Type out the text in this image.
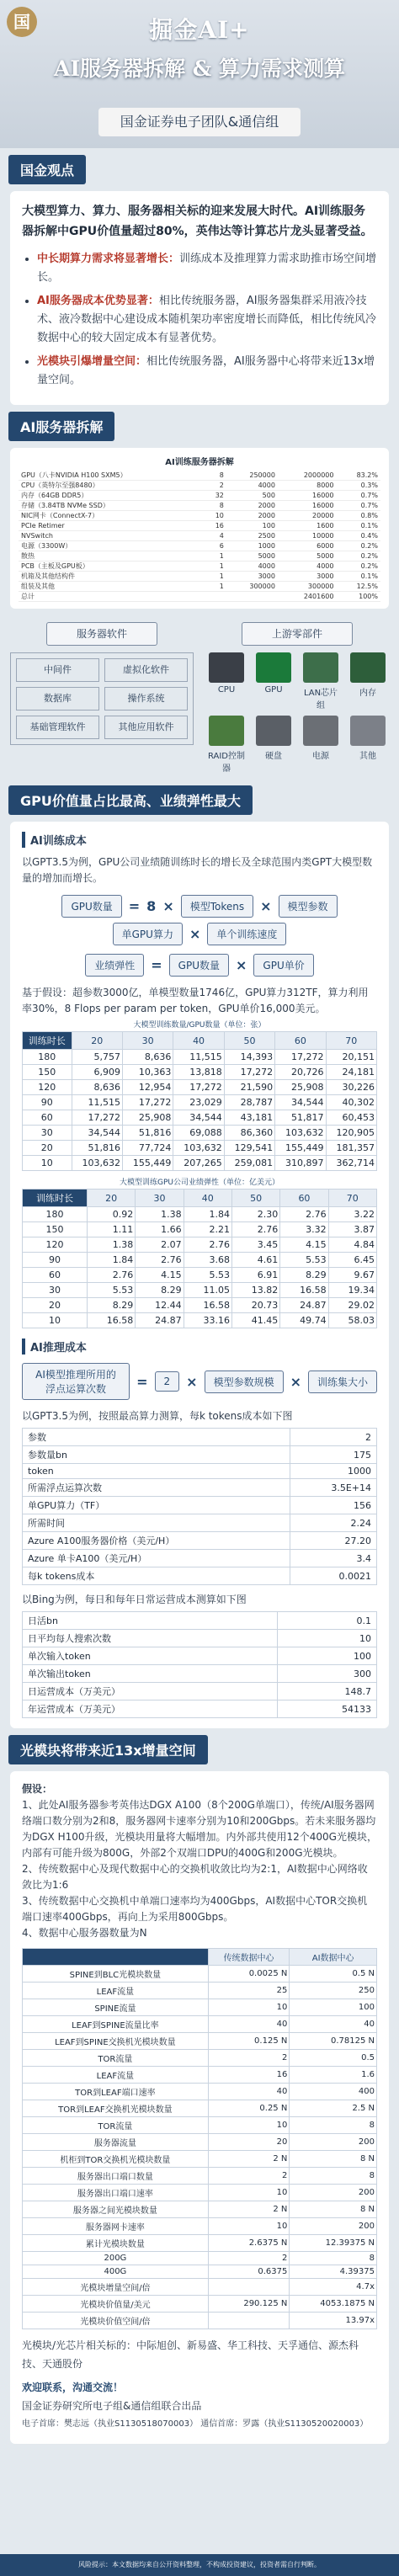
国	掘金AI+
AI服务器拆解 & 算力需求测算
国金证券电子团队&通信组
国金观点
大模型算力、算力、服务器相关标的迎来发展大时代。AI训练服务器拆解中GPU价值量超过80%，英伟达等计算芯片龙头显著受益。
• 中长期算力需求将显著增长：训练成本及推理算力需求助推市场空间增长。
• AI服务器成本优势显著：相比传统服务器，AI服务器集群采用液冷技术、液冷数据中心建设成本随机架功率密度增长而降低，相比传统风冷数据中心的较大固定成本有显著优势。
• 光模块引爆增量空间：相比传统服务器，AI服务器中心将带来近13x增量空间。
AI服务器拆解
AI训练服务器拆解
GPU（八卡NVIDIA H100 SXM5）	8	250000	2000000	83.2%
CPU（英特尔至强8480）	2	4000	8000	0.3%
内存（64GB DDR5）	32	500	16000	0.7%
存储（3.84TB NVMe SSD）	8	2000	16000	0.7%
NIC网卡（ConnectX-7）	10	2000	20000	0.8%
PCIe Retimer	16	100	1600	0.1%
NVSwitch	4	2500	10000	0.4%
电源（3300W）	6	1000	6000	0.2%
散热	1	5000	5000	0.2%
PCB（主板及GPU板）	1	4000	4000	0.2%
机箱及其他结构件	1	3000	3000	0.1%
组装及其他	1	300000	300000	12.5%
总计			2401600	100%
服务器软件
中间件	虚拟化软件
数据库	操作系统
基础管理软件	其他应用软件
上游零部件
CPU	GPU	LAN芯片组
内存
RAID控制器
硬盘	电源	其他
GPU价值量占比最高、业绩弹性最大
AI训练成本
以GPT3.5为例，GPU公司业绩随训练时长的增长及全球范围内类GPT大模型数量的增加而增长。
GPU数量	= 8 ×	模型Tokens	×	模型参数
单GPU算力	×	单个训练速度
业绩弹性	=	GPU数量	×	GPU单价
基于假设：超参数3000亿，单模型数量1746亿，GPU算力312TF，算力利用率30%，8 Flops per param per token，GPU单价16,000美元。
大模型训练数量/GPU数量（单位：张）
训练时长	20	30	40	50	60	70
180	5,757	8,636	11,515	14,393	17,272	20,151
150	6,909	10,363	13,818	17,272	20,726	24,181
120	8,636	12,954	17,272	21,590	25,908	30,226
90	11,515	17,272	23,029	28,787	34,544	40,302
60	17,272	25,908	34,544	43,181	51,817	60,453
30	34,544	51,816	69,088	86,360	103,632	120,905
20	51,816	77,724	103,632	129,541	155,449	181,357
10	103,632	155,449	207,265	259,081	310,897	362,714
大模型训练GPU公司业绩弹性（单位：亿美元）
训练时长	20	30	40	50	60	70
180	0.92	1.38	1.84	2.30	2.76	3.22
150	1.11	1.66	2.21	2.76	3.32	3.87
120	1.38	2.07	2.76	3.45	4.15	4.84
90	1.84	2.76	3.68	4.61	5.53	6.45
60	2.76	4.15	5.53	6.91	8.29	9.67
30	5.53	8.29	11.05	13.82	16.58	19.34
20	8.29	12.44	16.58	20.73	24.87	29.02
10	16.58	24.87	33.16	41.45	49.74	58.03
AI推理成本
AI模型推理所用的浮点运算次数	=	2	×	模型参数规模	×	训练集大小
以GPT3.5为例，按照最高算力测算，每k tokens成本如下图
参数	2
参数量bn	175
token	1000
所需浮点运算次数	3.5E+14
单GPU算力（TF）	156
所需时间	2.24
Azure A100服务器价格（美元/H）	27.20
Azure 单卡A100（美元/H）	3.4
每k tokens成本	0.0021
以Bing为例，每日和每年日常运营成本测算如下图
日活bn	0.1
日平均每人搜索次数	10
单次输入token	100
单次输出token	300
日运营成本（万美元）	148.7
年运营成本（万美元）	54133
光模块将带来近13x增量空间
假设：
1、此处AI服务器参考英伟达DGX A100（8个200G单端口），传统/AI服务器网络端口数分别为2和8，服务器网卡速率分别为10和200Gbps。若未来服务器均为DGX H100升级，光模块用量将大幅增加。内外部共使用12个400G光模块，内部有可能升级为800G，外部2个双端口DPU的400G和200G光模块。
2、传统数据中心及现代数据中心的交换机收敛比均为2:1，AI数据中心网络收敛比为1:6
3、传统数据中心交换机中单端口速率均为400Gbps，AI数据中心TOR交换机端口速率400Gbps，再向上为采用800Gbps。
4、数据中心服务器数量为N
	传统数据中心	AI数据中心
SPINE到BLC光模块数量	0.0025 N	0.5 N
LEAF流量	25	250
SPINE流量	10	100
LEAF到SPINE流量比率	40	40
LEAF到SPINE交换机光模块数量	0.125 N	0.78125 N
TOR流量	2	0.5
LEAF流量	16	1.6
TOR到LEAF端口速率	40	400
TOR到LEAF交换机光模块数量	0.25 N	2.5 N
TOR流量	10	8
服务器流量	20	200
机柜到TOR交换机光模块数量	2 N	8 N
服务器出口端口数量	2	8
服务器出口端口速率	10	200
服务器之间光模块数量	2 N	8 N
服务器网卡速率	10	200
累计光模块数量	2.6375 N	12.39375 N
200G	2	8
400G	0.6375	4.39375
光模块增量空间/倍		4.7x
光模块价值量/美元	290.125 N	4053.1875 N
光模块价值空间/倍		13.97x
光模块/光芯片相关标的：中际旭创、新易盛、华工科技、天孚通信、源杰科技、天通股份
欢迎联系，沟通交流！
国金证券研究所电子组&通信组联合出品
电子首席：樊志远（执业S1130518070003） 通信首席：罗露（执业S1130520020003）
风险提示：本文数据均来自公开资料整理，不构成投资建议，投资者需自行判断。
